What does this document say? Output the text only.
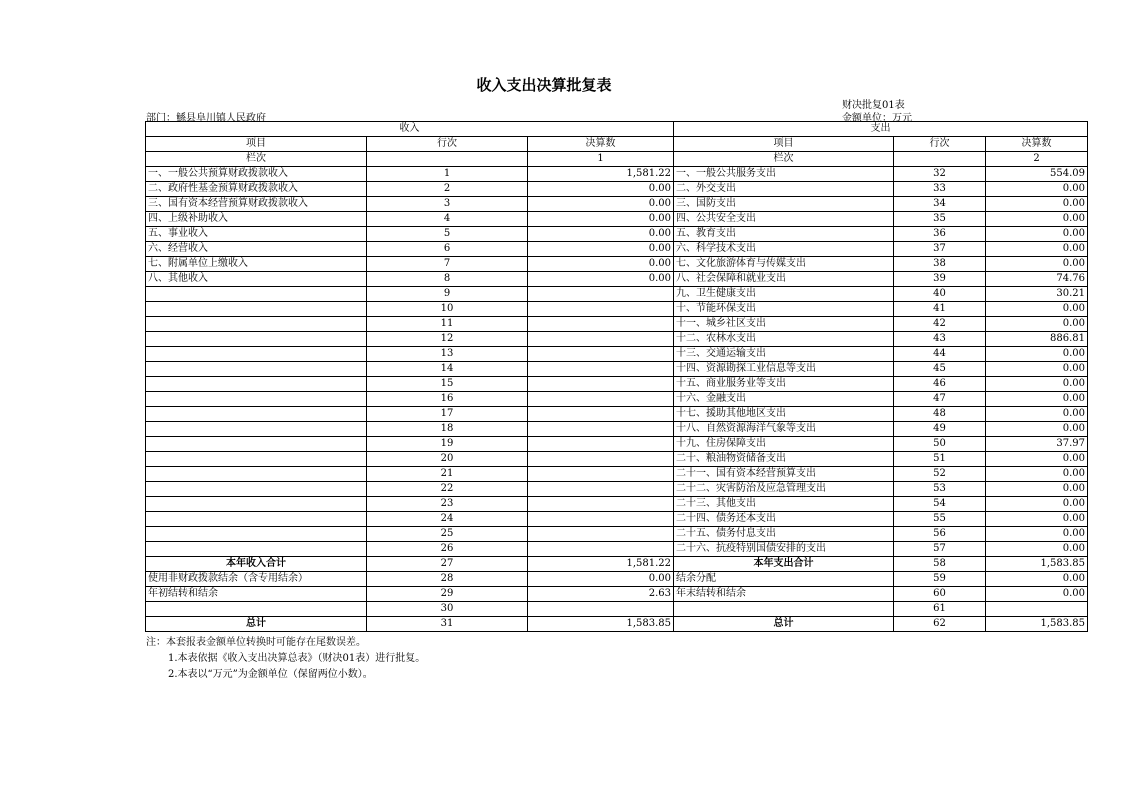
收入支出决算批复表
财决批复01表
部门：鯀县阜川镇人民政府	金额单位：万元
收入			支出		
项目	行次	决算数	项目	行次	决算数
栏次		1	栏次		2
一、一般公共预算财政拨款收入	1	1,581.22	一、一般公共服务支出	32	554.09
二、政府性基金预算财政拨款收入	2	0.00	二、外交支出	33	0.00
三、国有资本经营预算财政拨款收入	3	0.00	三、国防支出	34	0.00
四、上级补助收入	4	0.00	四、公共安全支出	35	0.00
五、事业收入	5	0.00	五、教育支出	36	0.00
六、经营收入	6	0.00	六、科学技术支出	37	0.00
七、附属单位上缴收入	7	0.00	七、文化旅游体育与传媒支出	38	0.00
八、其他收入	8	0.00	八、社会保障和就业支出	39	74.76
	9		九、卫生健康支出	40	30.21
	10		十、节能环保支出	41	0.00
	11		十一、城乡社区支出	42	0.00
	12		十二、农林水支出	43	886.81
	13		十三、交通运输支出	44	0.00
	14		十四、资源勘探工业信息等支出	45	0.00
	15		十五、商业服务业等支出	46	0.00
	16		十六、金融支出	47	0.00
	17		十七、援助其他地区支出	48	0.00
	18		十八、自然资源海洋气象等支出	49	0.00
	19		十九、住房保障支出	50	37.97
	20		二十、粮油物资储备支出	51	0.00
	21		二十一、国有资本经营预算支出	52	0.00
	22		二十二、灾害防治及应急管理支出	53	0.00
	23		二十三、其他支出	54	0.00
	24		二十四、债务还本支出	55	0.00
	25		二十五、债务付息支出	56	0.00
	26		二十六、抗疫特别国债安排的支出	57	0.00
本年收入合计	27	1,581.22	本年支出合计	58	1,583.85
使用非财政拨款结余（含专用结余）	28	0.00	结余分配	59	0.00
年初结转和结余	29	2.63	年末结转和结余	60	0.00
	30			61	
总计	31	1,583.85	总计	62	1,583.85
注：本套报表金额单位转换时可能存在尾数误差。
1.本表依据《收入支出决算总表》（财决01表）进行批复。
2.本表以“万元”为金额单位（保留两位小数）。
